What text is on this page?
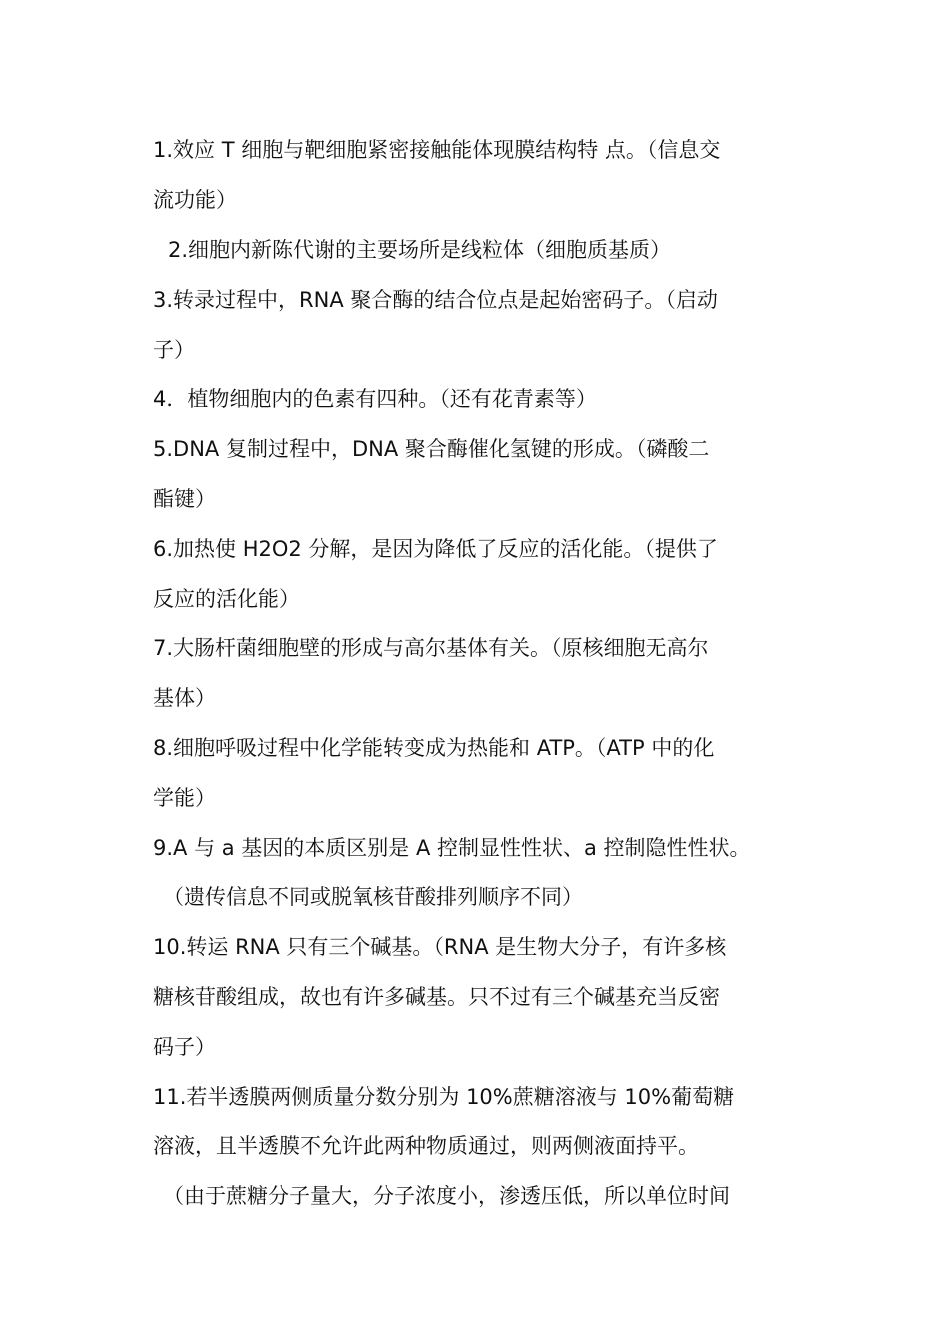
1.效应 T 细胞与靶细胞紧密接触能体现膜结构特 点。（信息交
流功能）
2.细胞内新陈代谢的主要场所是线粒体（细胞质基质）
3.转录过程中，RNA 聚合酶的结合位点是起始密码子。（启动
子）
4．植物细胞内的色素有四种。（还有花青素等）
5.DNA 复制过程中，DNA 聚合酶催化氢键的形成。（磷酸二
酯键）
6.加热使 H2O2 分解，是因为降低了反应的活化能。（提供了
反应的活化能）
7.大肠杆菌细胞壁的形成与高尔基体有关。（原核细胞无高尔
基体）
8.细胞呼吸过程中化学能转变成为热能和 ATP。（ATP 中的化
学能）
9.A 与 a 基因的本质区别是 A 控制显性性状、a 控制隐性性状。
（遗传信息不同或脱氧核苷酸排列顺序不同）
10.转运 RNA 只有三个碱基。（RNA 是生物大分子，有许多核
糖核苷酸组成，故也有许多碱基。只不过有三个碱基充当反密
码子）
11.若半透膜两侧质量分数分别为 10%蔗糖溶液与 10%葡萄糖
溶液，且半透膜不允许此两种物质通过，则两侧液面持平。
（由于蔗糖分子量大，分子浓度小，渗透压低，所以单位时间
